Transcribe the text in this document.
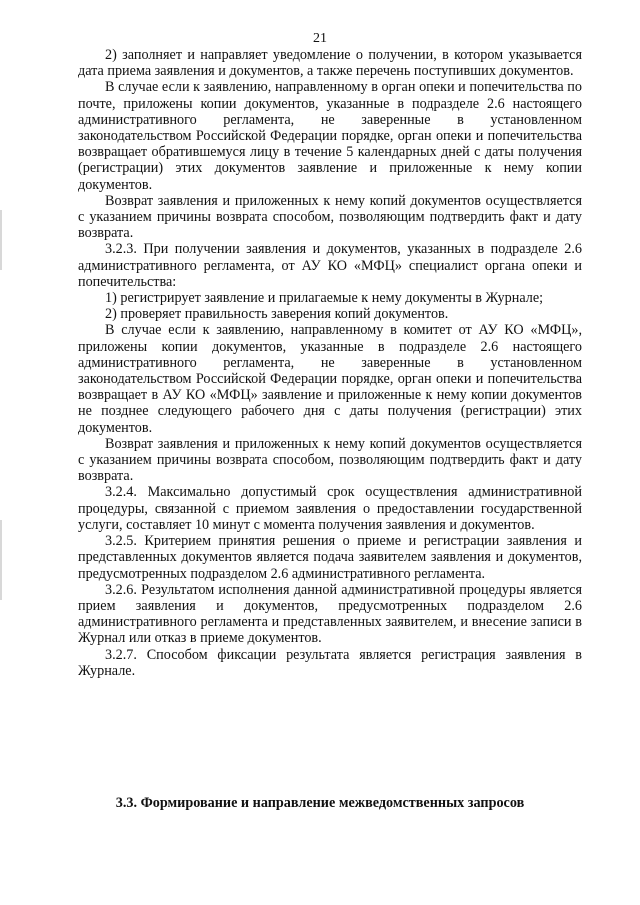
21

2) заполняет и направляет уведомление о получении, в котором указывается дата приема заявления и документов, а также перечень поступивших документов.

В случае если к заявлению, направленному в орган опеки и попечительства по почте, приложены копии документов, указанные в подразделе 2.6 настоящего административного регламента, не заверенные в установленном законодательством Российской Федерации порядке, орган опеки и попечительства возвращает обратившемуся лицу в течение 5 календарных дней с даты получения (регистрации) этих документов заявление и приложенные к нему копии документов.

Возврат заявления и приложенных к нему копий документов осуществляется с указанием причины возврата способом, позволяющим подтвердить факт и дату возврата.

3.2.3. При получении заявления и документов, указанных в подразделе 2.6 административного регламента, от АУ КО «МФЦ» специалист органа опеки и попечительства:

1) регистрирует заявление и прилагаемые к нему документы в Журнале;

2) проверяет правильность заверения копий документов.

В случае если к заявлению, направленному в комитет от АУ КО «МФЦ», приложены копии документов, указанные в подразделе 2.6 настоящего административного регламента, не заверенные в установленном законодательством Российской Федерации порядке, орган опеки и попечительства возвращает в АУ КО «МФЦ» заявление и приложенные к нему копии документов не позднее следующего рабочего дня с даты получения (регистрации) этих документов.

Возврат заявления и приложенных к нему копий документов осуществляется с указанием причины возврата способом, позволяющим подтвердить факт и дату возврата.

3.2.4. Максимально допустимый срок осуществления административной процедуры, связанной с приемом заявления о предоставлении государственной услуги, составляет 10 минут с момента получения заявления и документов.

3.2.5. Критерием принятия решения о приеме и регистрации заявления и представленных документов является подача заявителем заявления и документов, предусмотренных подразделом 2.6 административного регламента.

3.2.6. Результатом исполнения данной административной процедуры является прием заявления и документов, предусмотренных подразделом 2.6 административного регламента и представленных заявителем, и внесение записи в Журнал или отказ в приеме документов.

3.2.7. Способом фиксации результата является регистрация заявления в Журнале.

3.3. Формирование и направление межведомственных запросов
